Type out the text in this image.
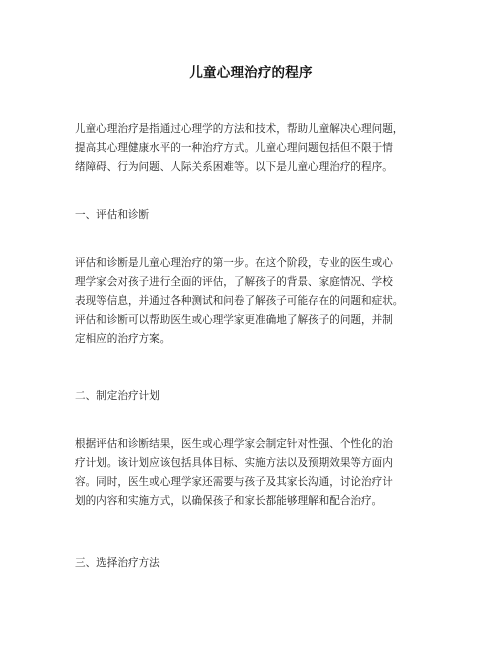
儿童心理治疗的程序
儿童心理治疗是指通过心理学的方法和技术，帮助儿童解决心理问题，
提高其心理健康水平的一种治疗方式。儿童心理问题包括但不限于情
绪障碍、行为问题、人际关系困难等。以下是儿童心理治疗的程序。
一、评估和诊断
评估和诊断是儿童心理治疗的第一步。在这个阶段，专业的医生或心
理学家会对孩子进行全面的评估，了解孩子的背景、家庭情况、学校
表现等信息，并通过各种测试和问卷了解孩子可能存在的问题和症状。
评估和诊断可以帮助医生或心理学家更准确地了解孩子的问题，并制
定相应的治疗方案。
二、制定治疗计划
根据评估和诊断结果，医生或心理学家会制定针对性强、个性化的治
疗计划。该计划应该包括具体目标、实施方法以及预期效果等方面内
容。同时，医生或心理学家还需要与孩子及其家长沟通，讨论治疗计
划的内容和实施方式，以确保孩子和家长都能够理解和配合治疗。
三、选择治疗方法
